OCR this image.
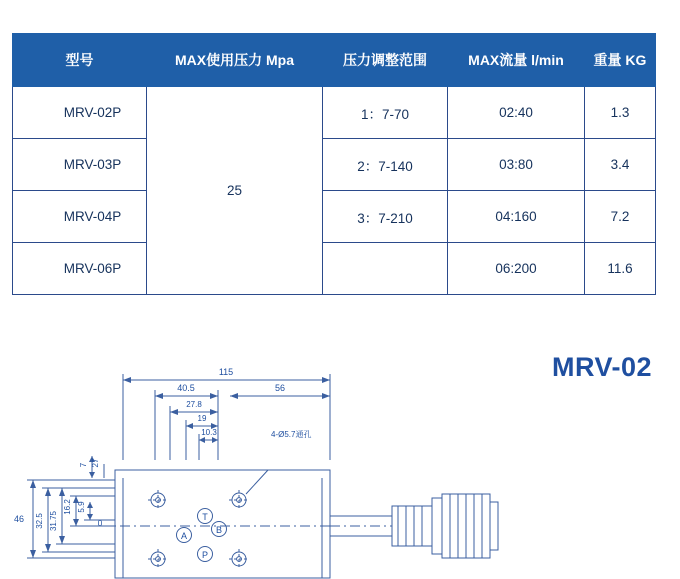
型号	MAX使用压力 Mpa	压力调整范围	MAX流量 l/min	重量 KG
MRV-02P	25	1：7-70	02:40	1.3
MRV-03P		2：7-140	03:80	3.4
MRV-04P		3：7-210	04:160	7.2
MRV-06P			06:200	11.6
MRV-02
115
40.5	56
27.8
19
10.3	4-Ø5.7通孔
46 32.5 31.75
16.2 5.9
0
7 27
T
B
A
P
